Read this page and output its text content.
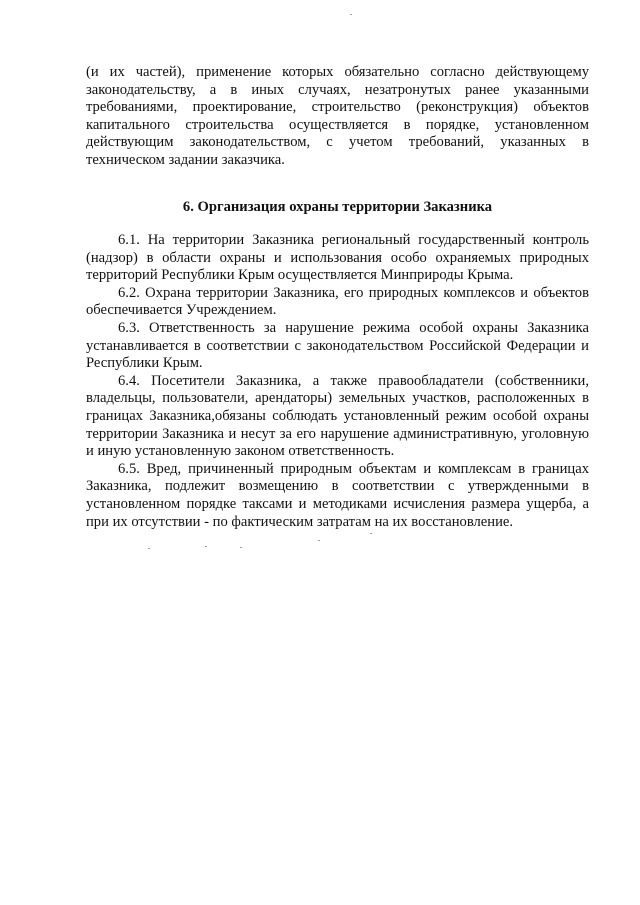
(и их частей), применение которых обязательно согласно действующему законодательству, а в иных случаях, незатронутых ранее указанными требованиями, проектирование, строительство (реконструкция) объектов капитального строительства осуществляется в порядке, установленном действующим законодательством, с учетом требований, указанных в техническом задании заказчика.

6. Организация охраны территории Заказника

6.1. На территории Заказника региональный государственный контроль (надзор) в области охраны и использования особо охраняемых природных территорий Республики Крым осуществляется Минприроды Крыма.

6.2. Охрана территории Заказника, его природных комплексов и объектов обеспечивается Учреждением.

6.3. Ответственность за нарушение режима особой охраны Заказника устанавливается в соответствии с законодательством Российской Федерации и Республики Крым.

6.4. Посетители Заказника, а также правообладатели (собственники, владельцы, пользователи, арендаторы) земельных участков, расположенных в границах Заказника,обязаны соблюдать установленный режим особой охраны территории Заказника и несут за его нарушение административную, уголовную и иную установленную законом ответственность.

6.5. Вред, причиненный природным объектам и комплексам в границах Заказника, подлежит возмещению в соответствии с утвержденными в установленном порядке таксами и методиками исчисления размера ущерба, а при их отсутствии - по фактическим затратам на их восстановление.
